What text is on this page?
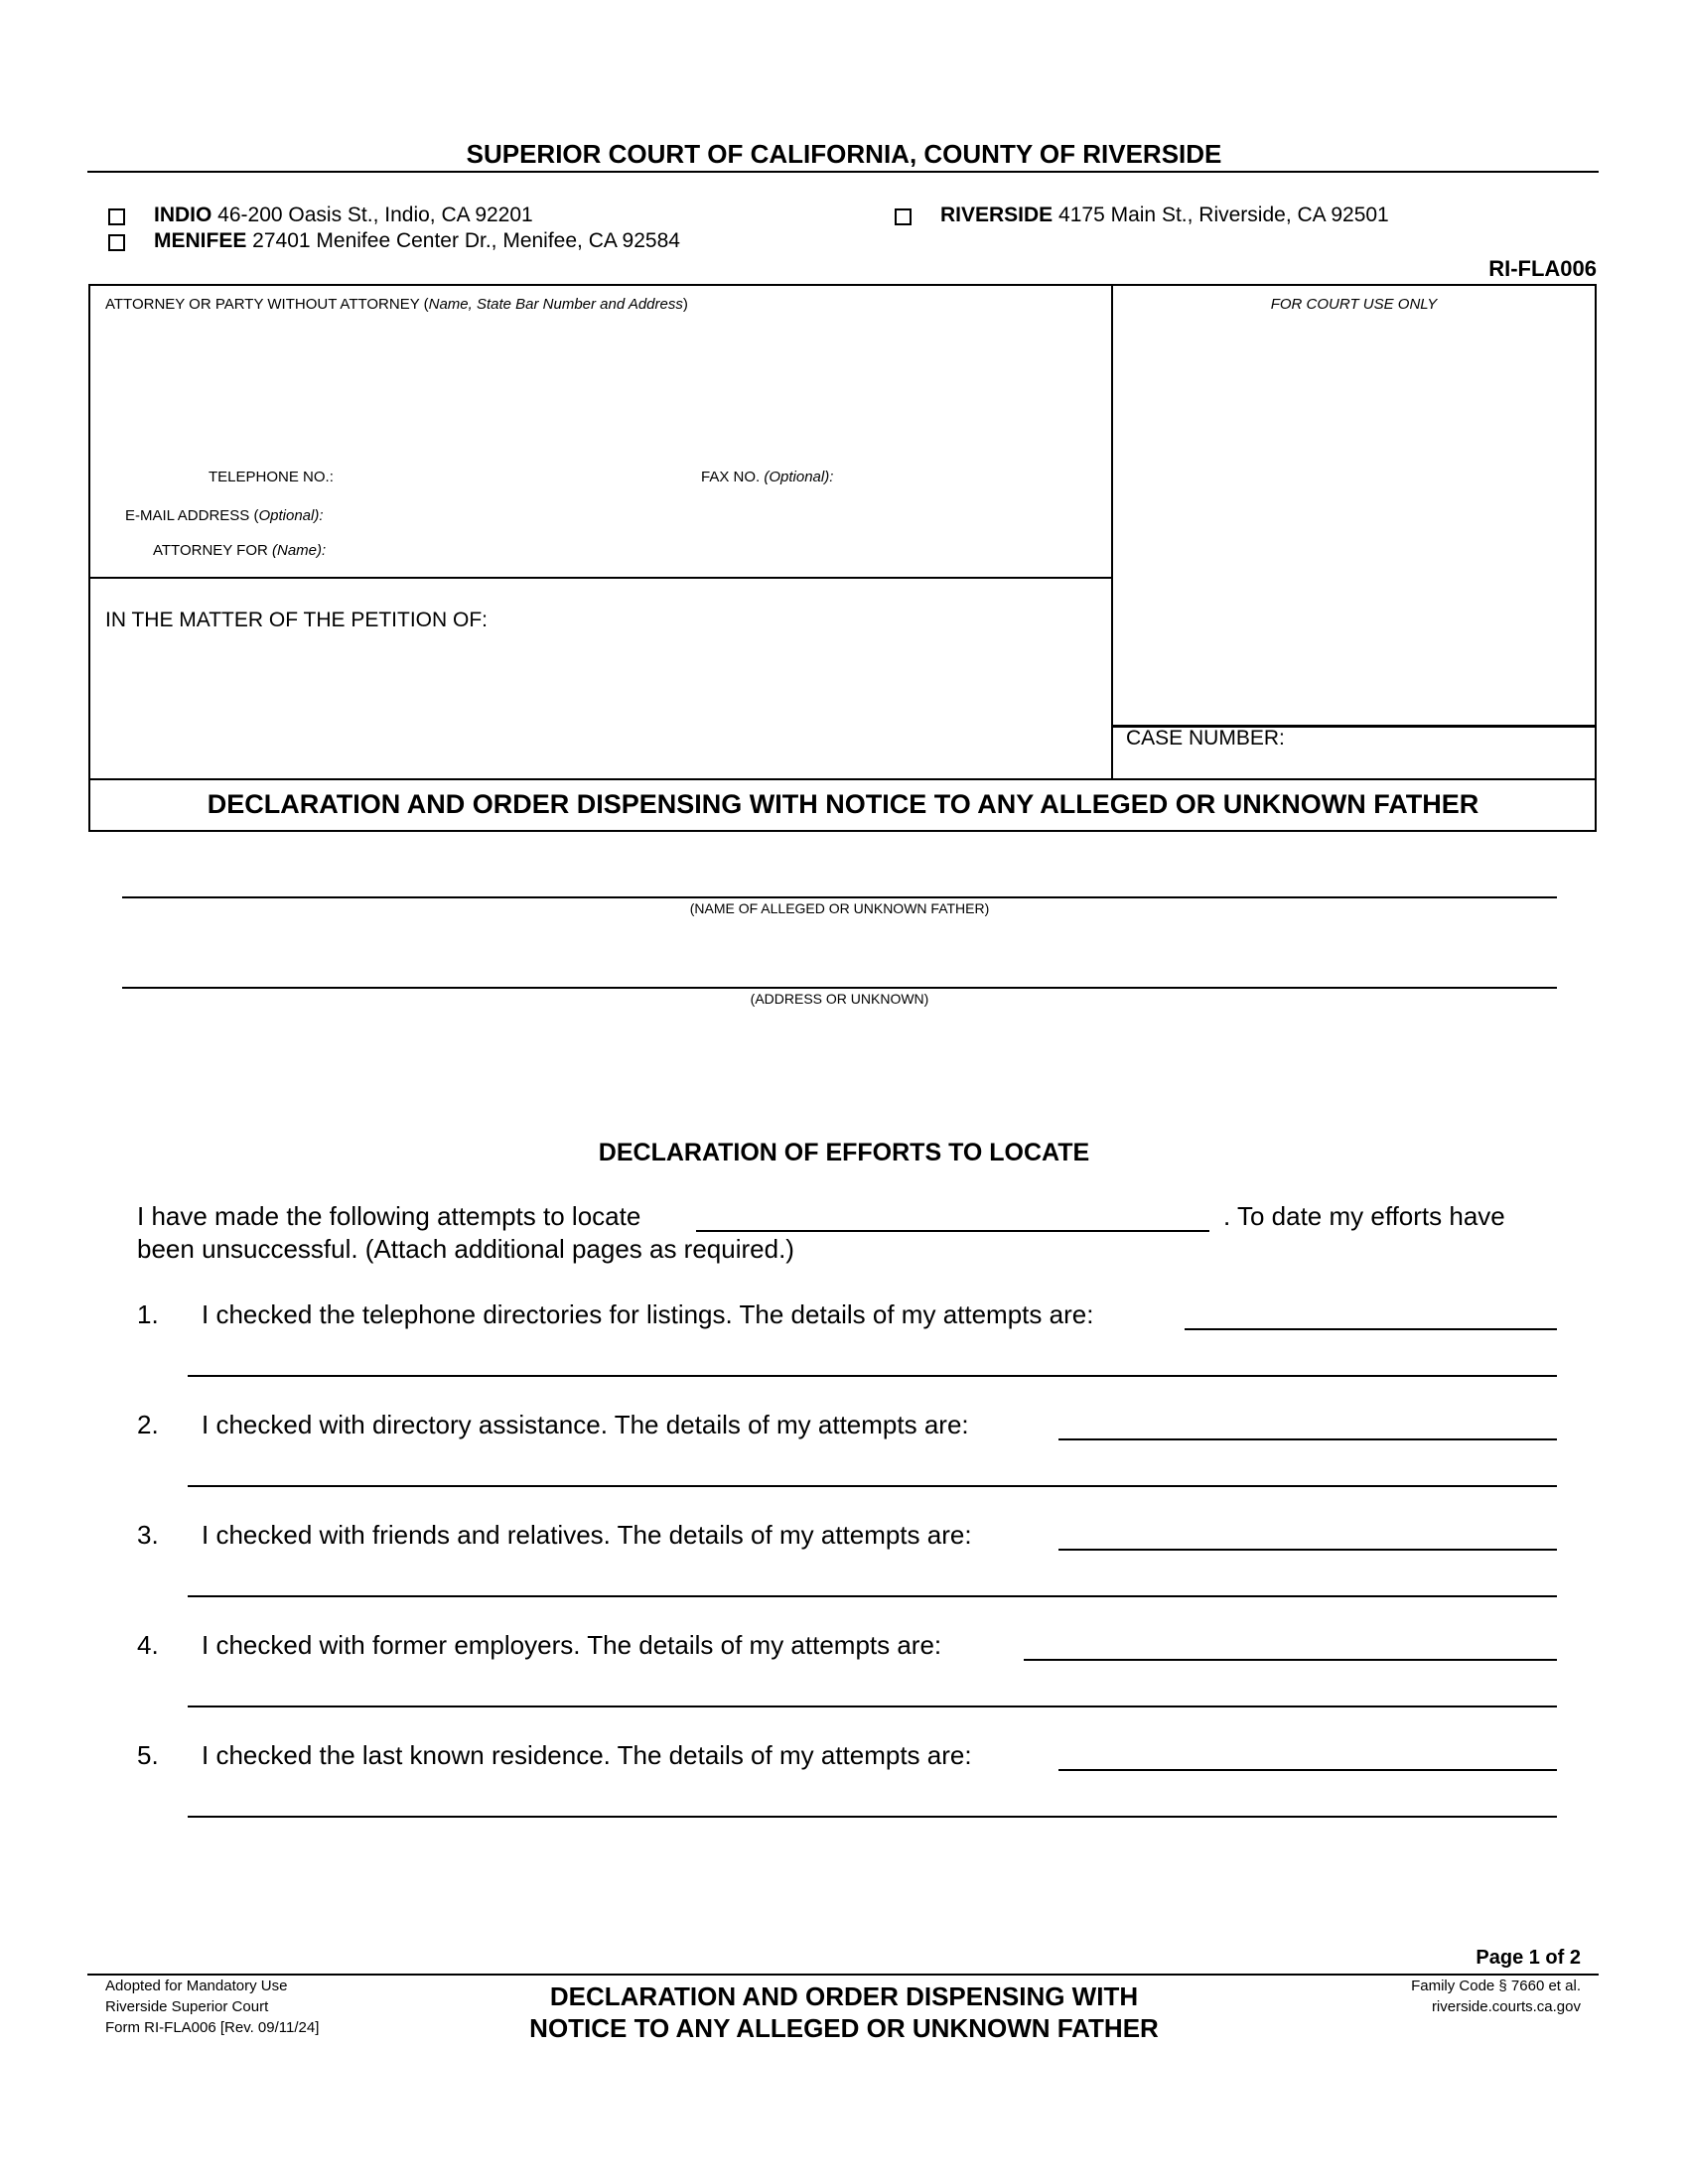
SUPERIOR COURT OF CALIFORNIA, COUNTY OF RIVERSIDE
INDIO 46-200 Oasis St., Indio, CA 92201
MENIFEE 27401 Menifee Center Dr., Menifee, CA 92584
RIVERSIDE 4175 Main St., Riverside, CA 92501
RI-FLA006
ATTORNEY OR PARTY WITHOUT ATTORNEY (Name, State Bar Number and Address)	FOR COURT USE ONLY
TELEPHONE NO.:	FAX NO. (Optional):
E-MAIL ADDRESS (Optional):
ATTORNEY FOR (Name):
IN THE MATTER OF THE PETITION OF:
CASE NUMBER:
DECLARATION AND ORDER DISPENSING WITH NOTICE TO ANY ALLEGED OR UNKNOWN FATHER
(NAME OF ALLEGED OR UNKNOWN FATHER)
(ADDRESS OR UNKNOWN)
DECLARATION OF EFFORTS TO LOCATE
I have made the following attempts to locate	. To date my efforts have
been unsuccessful. (Attach additional pages as required.)
1. I checked the telephone directories for listings. The details of my attempts are:
2. I checked with directory assistance. The details of my attempts are:
3. I checked with friends and relatives. The details of my attempts are:
4. I checked with former employers. The details of my attempts are:
5. I checked the last known residence. The details of my attempts are:
Page 1 of 2
Adopted for Mandatory Use
Riverside Superior Court
Form RI-FLA006 [Rev. 09/11/24]
DECLARATION AND ORDER DISPENSING WITH
NOTICE TO ANY ALLEGED OR UNKNOWN FATHER
Family Code § 7660 et al.
riverside.courts.ca.gov
